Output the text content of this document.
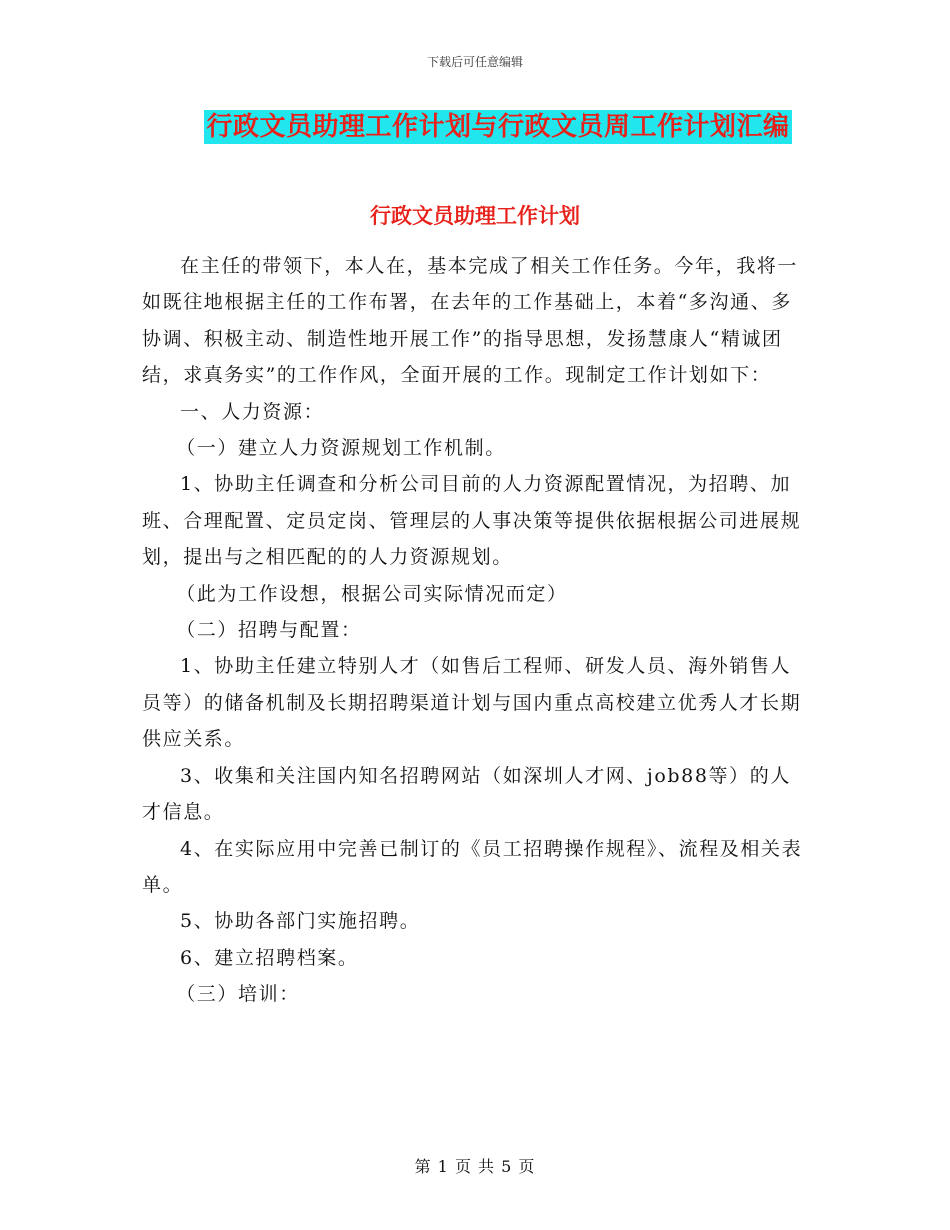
下载后可任意编辑
行政文员助理工作计划与行政文员周工作计划汇编
行政文员助理工作计划

在主任的带领下，本人在，基本完成了相关工作任务。今年，我将一如既往地根据主任的工作布署，在去年的工作基础上，本着“多沟通、多协调、积极主动、制造性地开展工作”的指导思想，发扬慧康人“精诚团结，求真务实”的工作作风，全面开展的工作。现制定工作计划如下：

一、人力资源：

（一）建立人力资源规划工作机制。

1、协助主任调查和分析公司目前的人力资源配置情况，为招聘、加班、合理配置、定员定岗、管理层的人事决策等提供依据根据公司进展规划，提出与之相匹配的的人力资源规划。

（此为工作设想，根据公司实际情况而定）

（二）招聘与配置：

1、协助主任建立特别人才（如售后工程师、研发人员、海外销售人员等）的储备机制及长期招聘渠道计划与国内重点高校建立优秀人才长期供应关系。

3、收集和关注国内知名招聘网站（如深圳人才网、job88等）的人才信息。

4、在实际应用中完善已制订的《员工招聘操作规程》、流程及相关表单。

5、协助各部门实施招聘。

6、建立招聘档案。

（三）培训：

第 1 页 共 5 页
